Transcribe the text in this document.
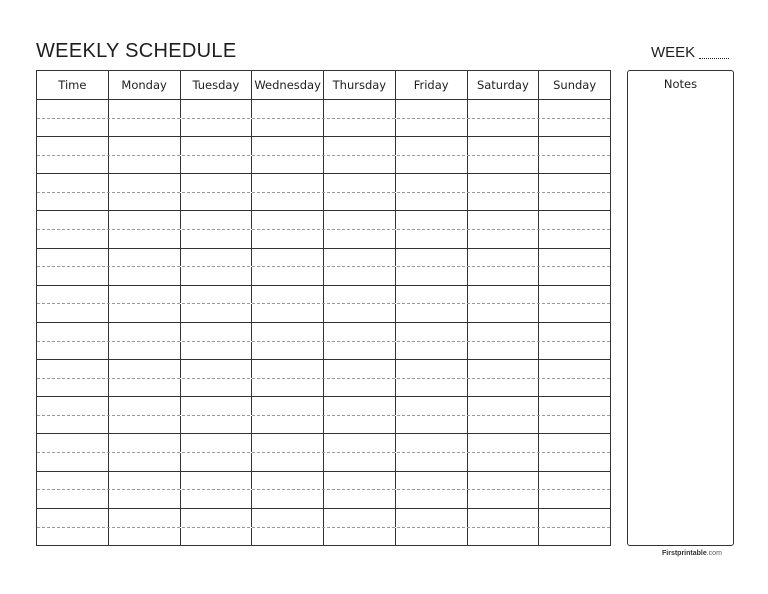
WEEKLY SCHEDULE	WEEK
Time	Monday	Tuesday	Wednesday	Thursday	Friday	Saturday	Sunday	Notes
Firstprintable.com
